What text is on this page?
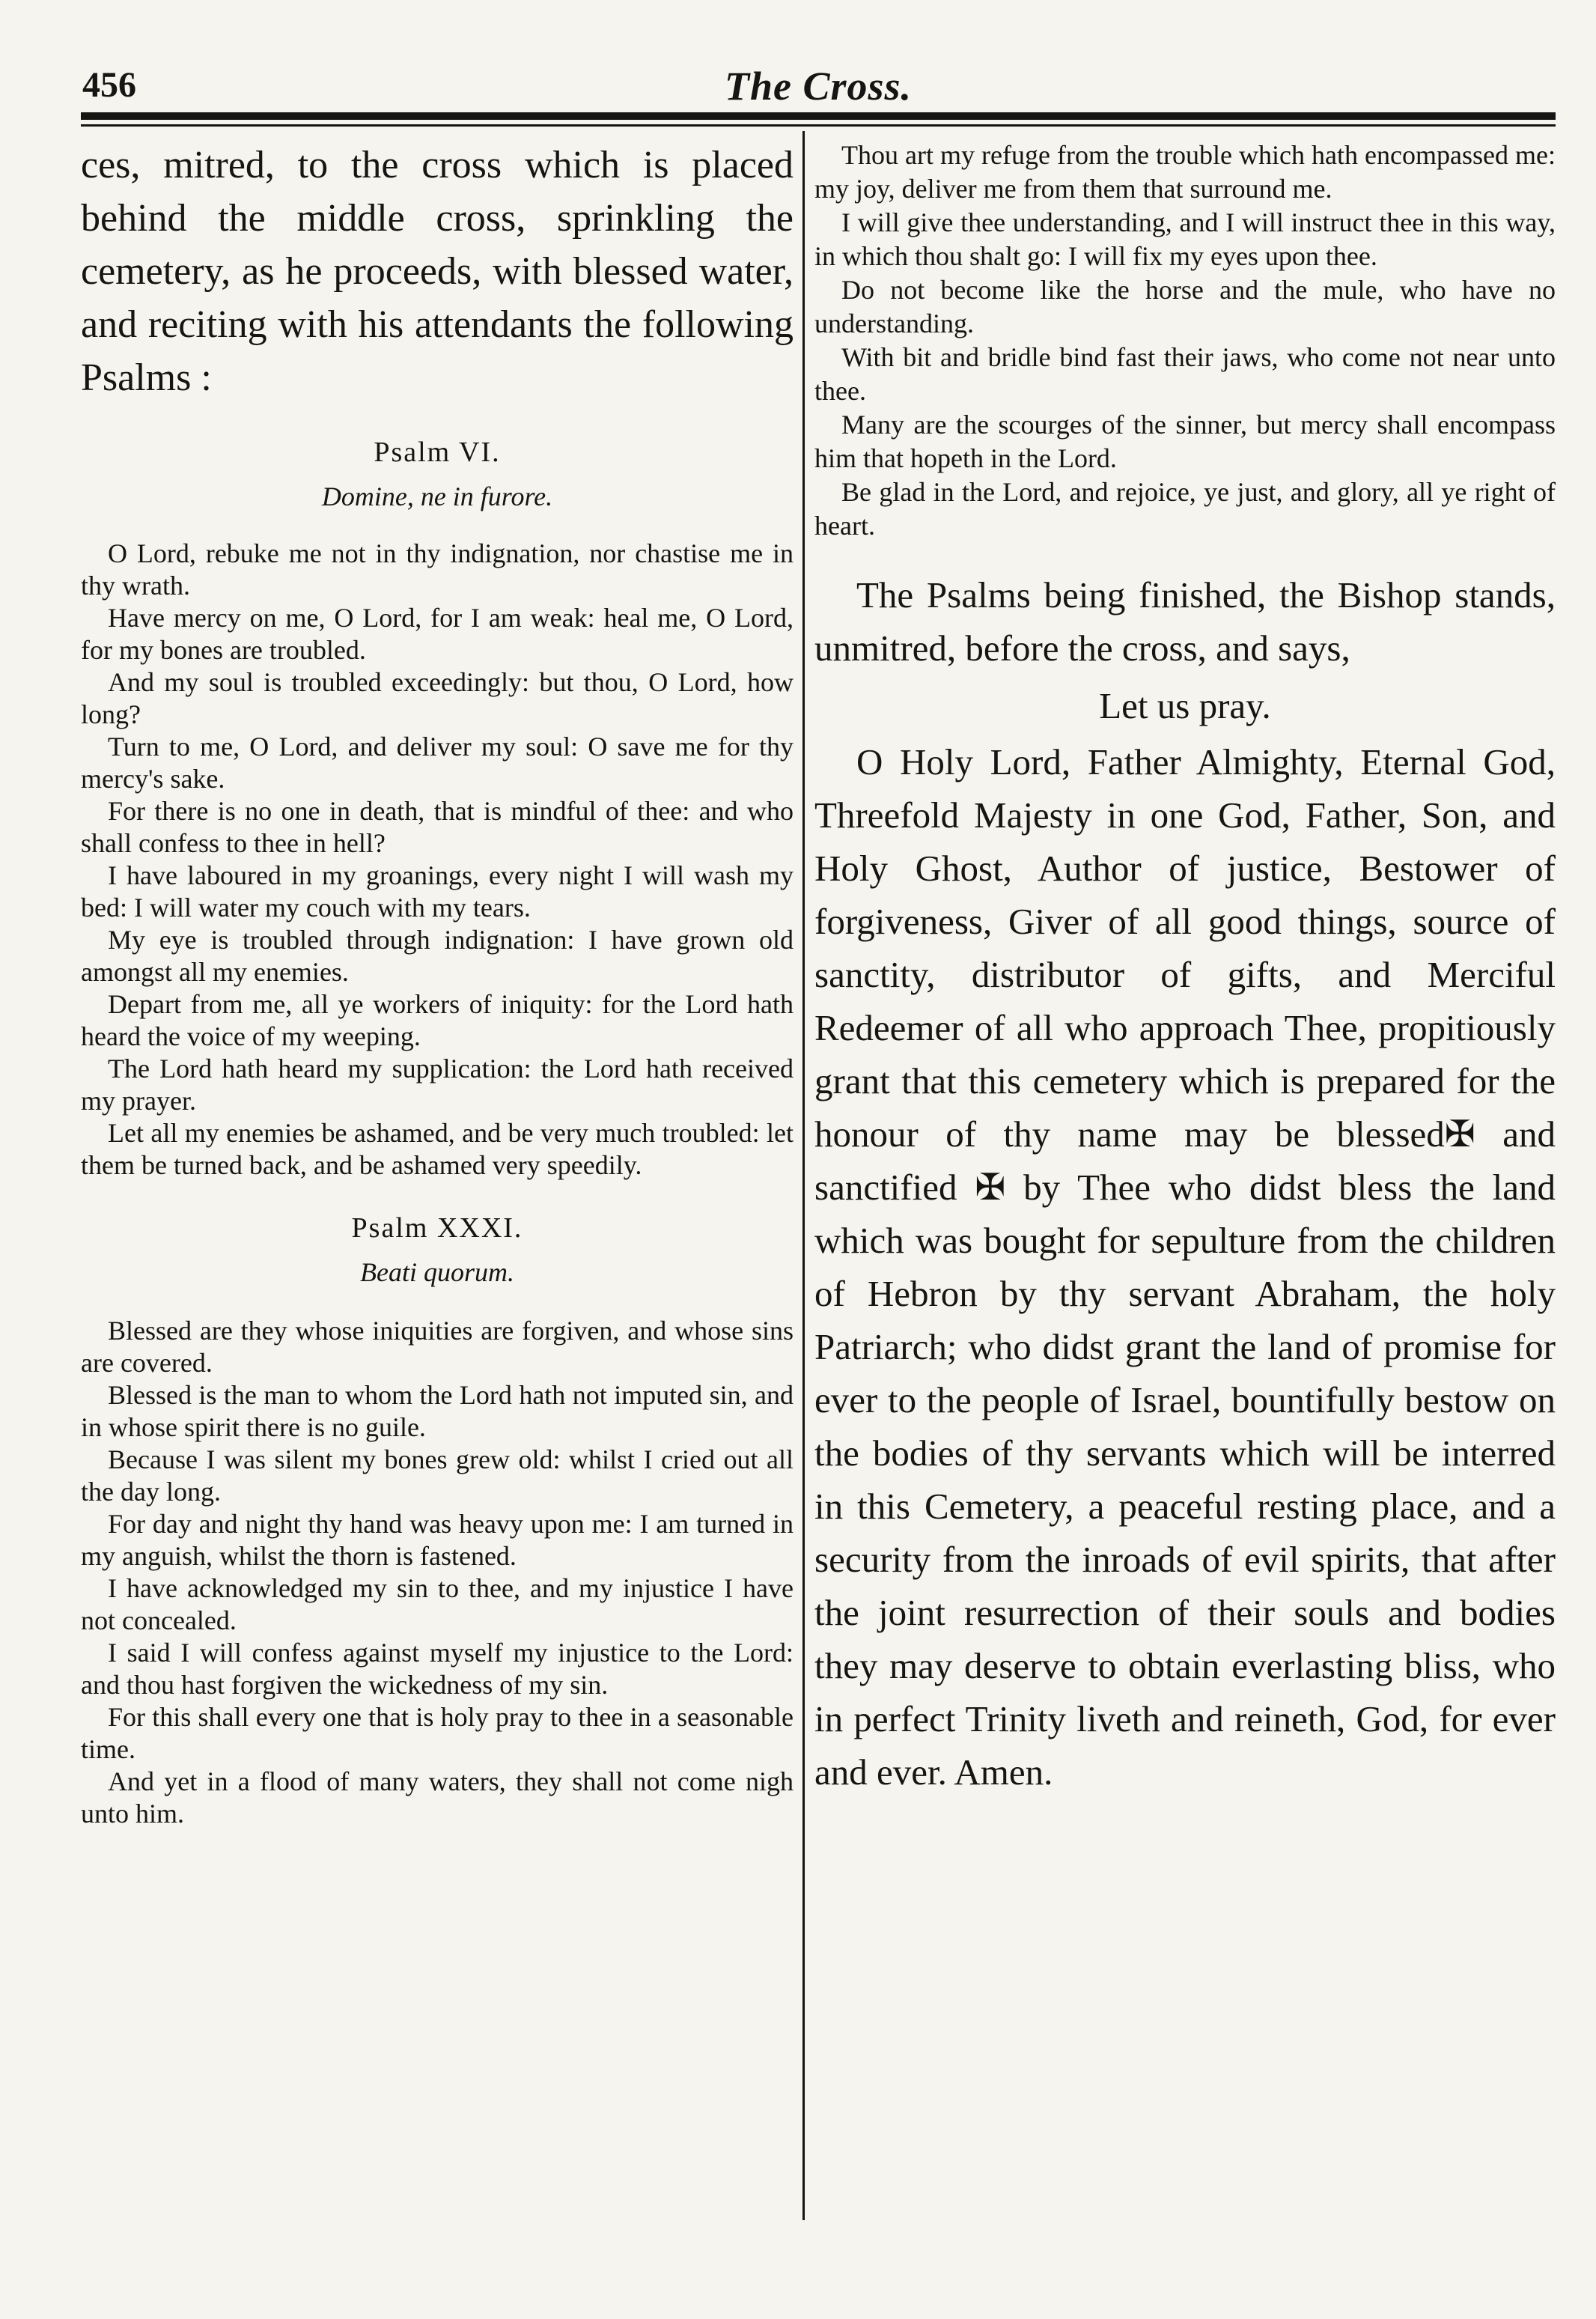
456	The Cross.

ces, mitred, to the cross which is placed behind the middle cross, sprinkling the cemetery, as he proceeds, with blessed water, and reciting with his attendants the following Psalms :

Psalm VI.

Domine, ne in furore.

O Lord, rebuke me not in thy indignation, nor chastise me in thy wrath.

Have mercy on me, O Lord, for I am weak: heal me, O Lord, for my bones are troubled.

And my soul is troubled exceedingly: but thou, O Lord, how long?

Turn to me, O Lord, and deliver my soul: O save me for thy mercy's sake.

For there is no one in death, that is mindful of thee: and who shall confess to thee in hell?

I have laboured in my groanings, every night I will wash my bed: I will water my couch with my tears.

My eye is troubled through indignation: I have grown old amongst all my enemies.

Depart from me, all ye workers of iniquity: for the Lord hath heard the voice of my weeping.

The Lord hath heard my supplication: the Lord hath received my prayer.

Let all my enemies be ashamed, and be very much troubled: let them be turned back, and be ashamed very speedily.

Psalm XXXI.

Beati quorum.

Blessed are they whose iniquities are forgiven, and whose sins are covered.

Blessed is the man to whom the Lord hath not imputed sin, and in whose spirit there is no guile.

Because I was silent my bones grew old: whilst I cried out all the day long.

For day and night thy hand was heavy upon me: I am turned in my anguish, whilst the thorn is fastened.

I have acknowledged my sin to thee, and my injustice I have not concealed.

I said I will confess against myself my injustice to the Lord: and thou hast forgiven the wickedness of my sin.

For this shall every one that is holy pray to thee in a seasonable time.

And yet in a flood of many waters, they shall not come nigh unto him.

Thou art my refuge from the trouble which hath encompassed me: my joy, deliver me from them that surround me.

I will give thee understanding, and I will instruct thee in this way, in which thou shalt go: I will fix my eyes upon thee.

Do not become like the horse and the mule, who have no understanding.

With bit and bridle bind fast their jaws, who come not near unto thee.

Many are the scourges of the sinner, but mercy shall encompass him that hopeth in the Lord.

Be glad in the Lord, and rejoice, ye just, and glory, all ye right of heart.

The Psalms being finished, the Bishop stands, unmitred, before the cross, and says,

Let us pray.

O Holy Lord, Father Almighty, Eternal God, Threefold Majesty in one God, Father, Son, and Holy Ghost, Author of justice, Bestower of forgiveness, Giver of all good things, source of sanctity, distributor of gifts, and Merciful Redeemer of all who approach Thee, propitiously grant that this cemetery which is prepared for the honour of thy name may be blessed✠ and sanctified ✠ by Thee who didst bless the land which was bought for sepulture from the children of Hebron by thy servant Abraham, the holy Patriarch; who didst grant the land of promise for ever to the people of Israel, bountifully bestow on the bodies of thy servants which will be interred in this Cemetery, a peaceful resting place, and a security from the inroads of evil spirits, that after the joint resurrection of their souls and bodies they may deserve to obtain everlasting bliss, who in perfect Trinity liveth and reineth, God, for ever and ever. Amen.
